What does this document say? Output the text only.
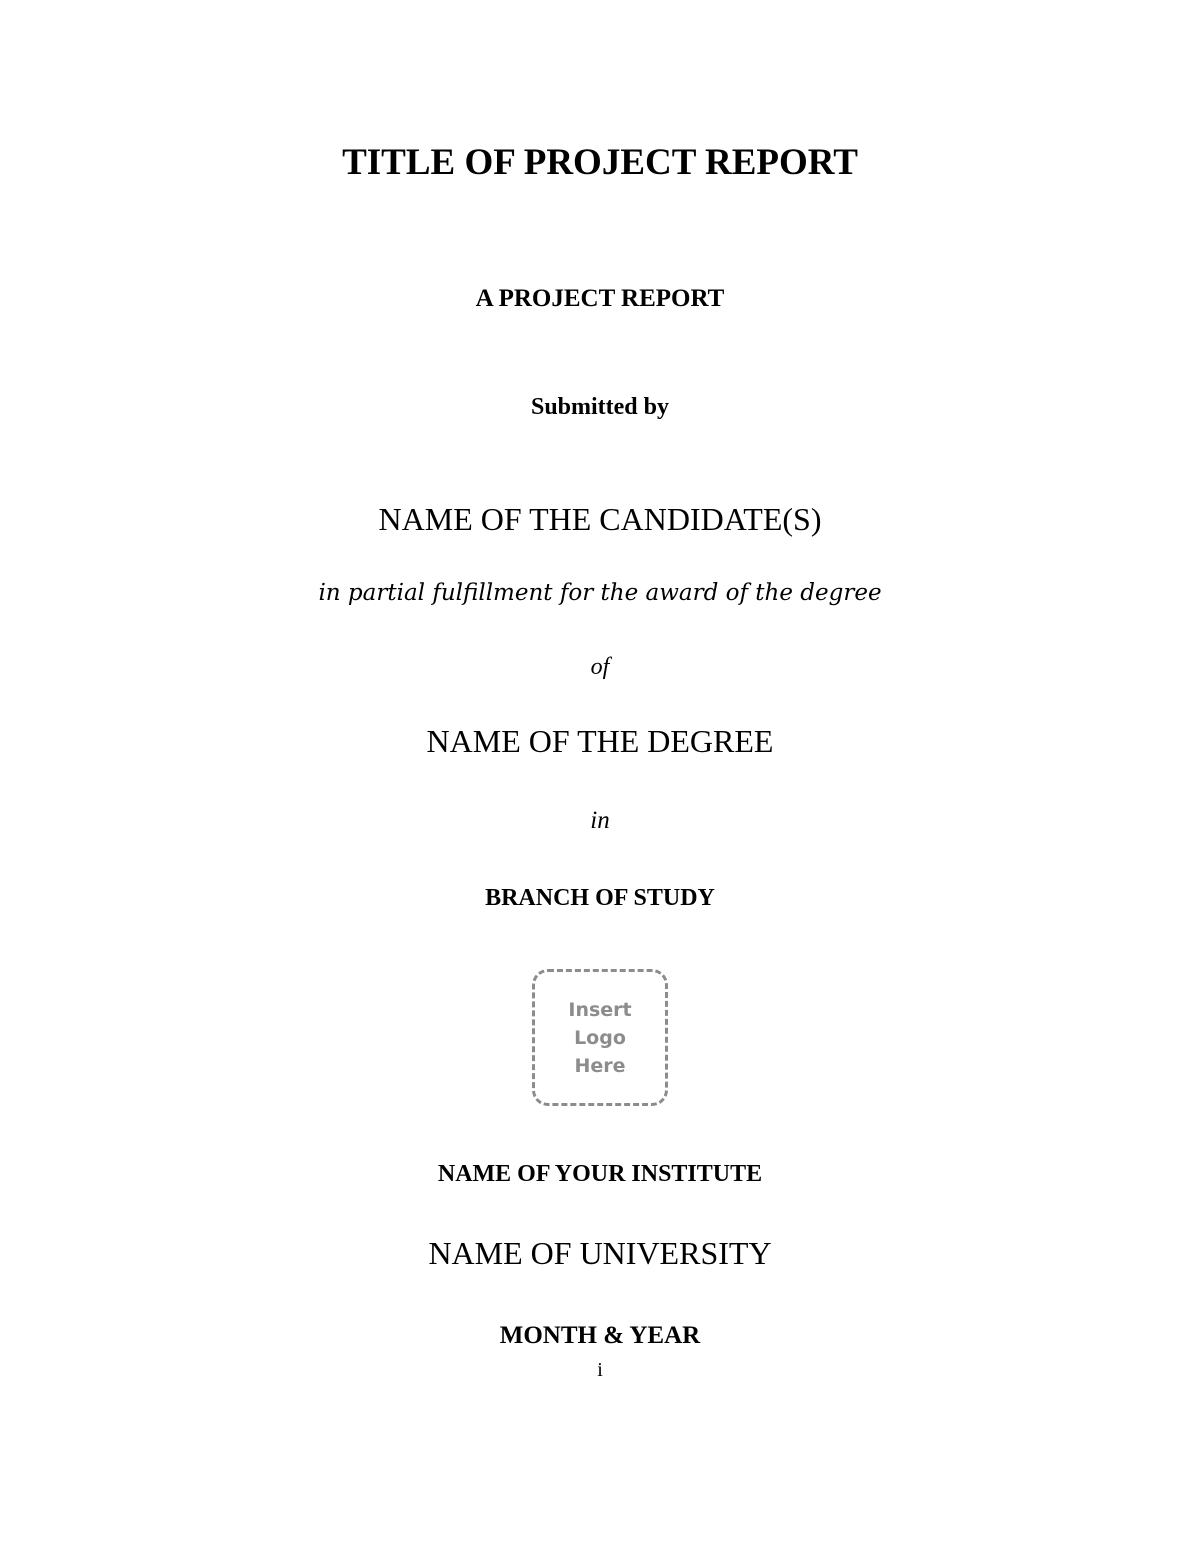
TITLE OF PROJECT REPORT
A PROJECT REPORT
Submitted by
NAME OF THE CANDIDATE(S)
in partial fulfillment for the award of the degree
of
NAME OF THE DEGREE
in
BRANCH OF STUDY
Insert
Logo
Here
NAME OF YOUR INSTITUTE
NAME OF UNIVERSITY
MONTH & YEAR
i
